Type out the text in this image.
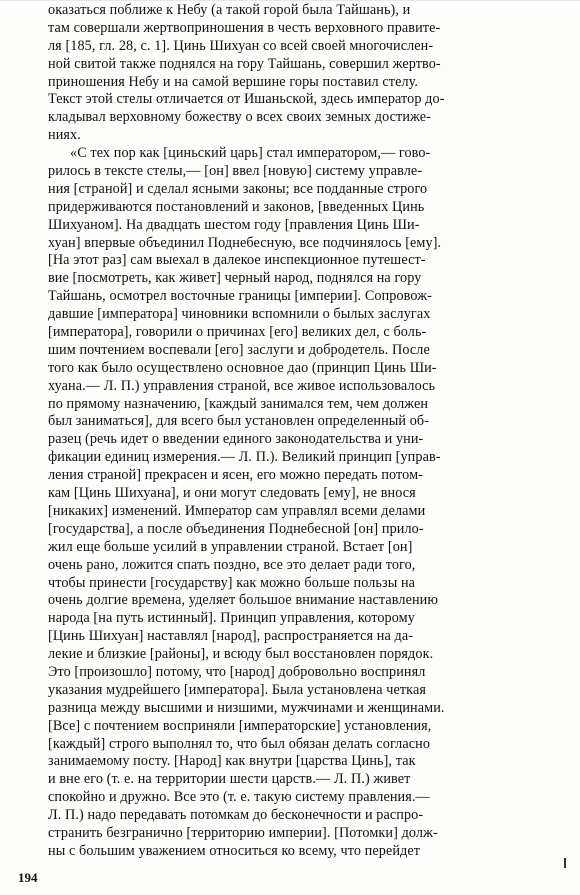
оказаться поближе к Небу (а такой горой была Тайшань), и
там совершали жертвоприношения в честь верховного правите-
ля [185, гл. 28, с. 1]. Цинь Шихуан со всей своей многочислен-
ной свитой также поднялся на гору Тайшань, совершил жертво-
приношения Небу и на самой вершине горы поставил стелу.
Текст этой стелы отличается от Ишаньской, здесь император до-
кладывал верховному божеству о всех своих земных достиже-
ниях.
«С тех пор как [циньский царь] стал императором,— гово-
рилось в тексте стелы,— [он] ввел [новую] систему управле-
ния [страной] и сделал ясными законы; все подданные строго
придерживаются постановлений и законов, [введенных Цинь
Шихуаном]. На двадцать шестом году [правления Цинь Ши-
хуан] впервые объединил Поднебесную, все подчинялось [ему].
[На этот раз] сам выехал в далекое инспекционное путешест-
вие [посмотреть, как живет] черный народ, поднялся на гору
Тайшань, осмотрел восточные границы [империи]. Сопровож-
давшие [императора] чиновники вспомнили о былых заслугах
[императора], говорили о причинах [его] великих дел, с боль-
шим почтением воспевали [его] заслуги и добродетель. После
того как было осуществлено основное дао (принцип Цинь Ши-
хуана.— Л. П.) управления страной, все живое использовалось
по прямому назначению, [каждый занимался тем, чем должен
был заниматься], для всего был установлен определенный об-
разец (речь идет о введении единого законодательства и уни-
фикации единиц измерения.— Л. П.). Великий принцип [управ-
ления страной] прекрасен и ясен, его можно передать потом-
кам [Цинь Шихуана], и они могут следовать [ему], не внося
[никаких] изменений. Император сам управлял всеми делами
[государства], а после объединения Поднебесной [он] прило-
жил еще больше усилий в управлении страной. Встает [он]
очень рано, ложится спать поздно, все это делает ради того,
чтобы принести [государству] как можно больше пользы на
очень долгие времена, уделяет большое внимание наставлению
народа [на путь истинный]. Принцип управления, которому
[Цинь Шихуан] наставлял [народ], распространяется на да-
лекие и близкие [районы], и всюду был восстановлен порядок.
Это [произошло] потому, что [народ] добровольно воспринял
указания мудрейшего [императора]. Была установлена четкая
разница между высшими и низшими, мужчинами и женщинами.
[Все] с почтением восприняли [императорские] установления,
[каждый] строго выполнял то, что был обязан делать согласно
занимаемому посту. [Народ] как внутри [царства Цинь], так
и вне его (т. е. на территории шести царств.— Л. П.) живет
спокойно и дружно. Все это (т. е. такую систему правления.—
Л. П.) надо передавать потомкам до бесконечности и распро-
странить безгранично [территорию империи]. [Потомки] долж-
ны с большим уважением относиться ко всему, что перейдет
194
